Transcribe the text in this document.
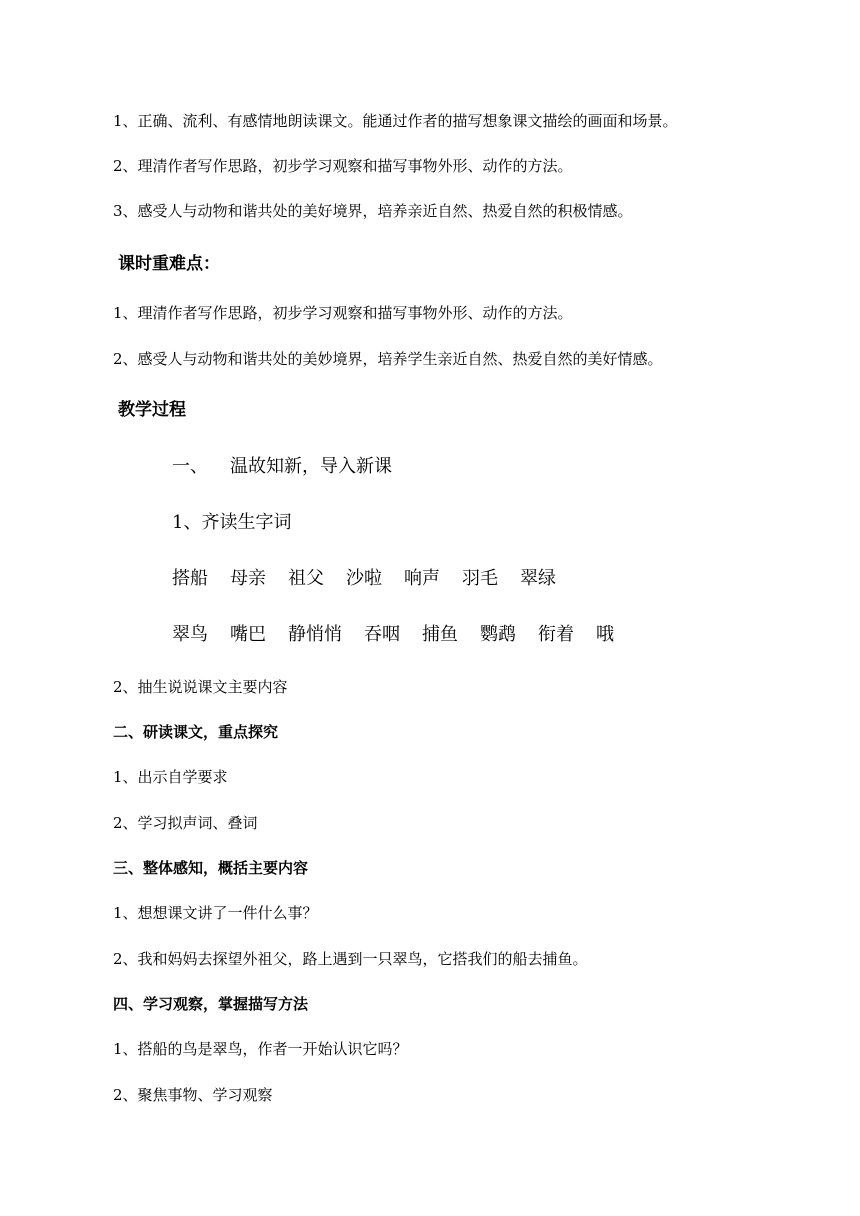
1、正确、流利、有感情地朗读课文。能通过作者的描写想象课文描绘的画面和场景。
2、理清作者写作思路，初步学习观察和描写事物外形、动作的方法。
3、感受人与动物和谐共处的美好境界，培养亲近自然、热爱自然的积极情感。
课时重难点：
1、理清作者写作思路，初步学习观察和描写事物外形、动作的方法。
2、感受人与动物和谐共处的美妙境界，培养学生亲近自然、热爱自然的美好情感。
教学过程
一、 温故知新，导入新课
1、齐读生字词
搭船 母亲 祖父 沙啦 响声 羽毛 翠绿
翠鸟 嘴巴 静悄悄 吞咽 捕鱼 鹦鹉 衔着 哦
2、抽生说说课文主要内容
二、研读课文，重点探究
1、出示自学要求
2、学习拟声词、叠词
三、整体感知，概括主要内容
1、想想课文讲了一件什么事？
2、我和妈妈去探望外祖父，路上遇到一只翠鸟，它搭我们的船去捕鱼。
四、学习观察，掌握描写方法
1、搭船的鸟是翠鸟，作者一开始认识它吗？
2、聚焦事物、学习观察
